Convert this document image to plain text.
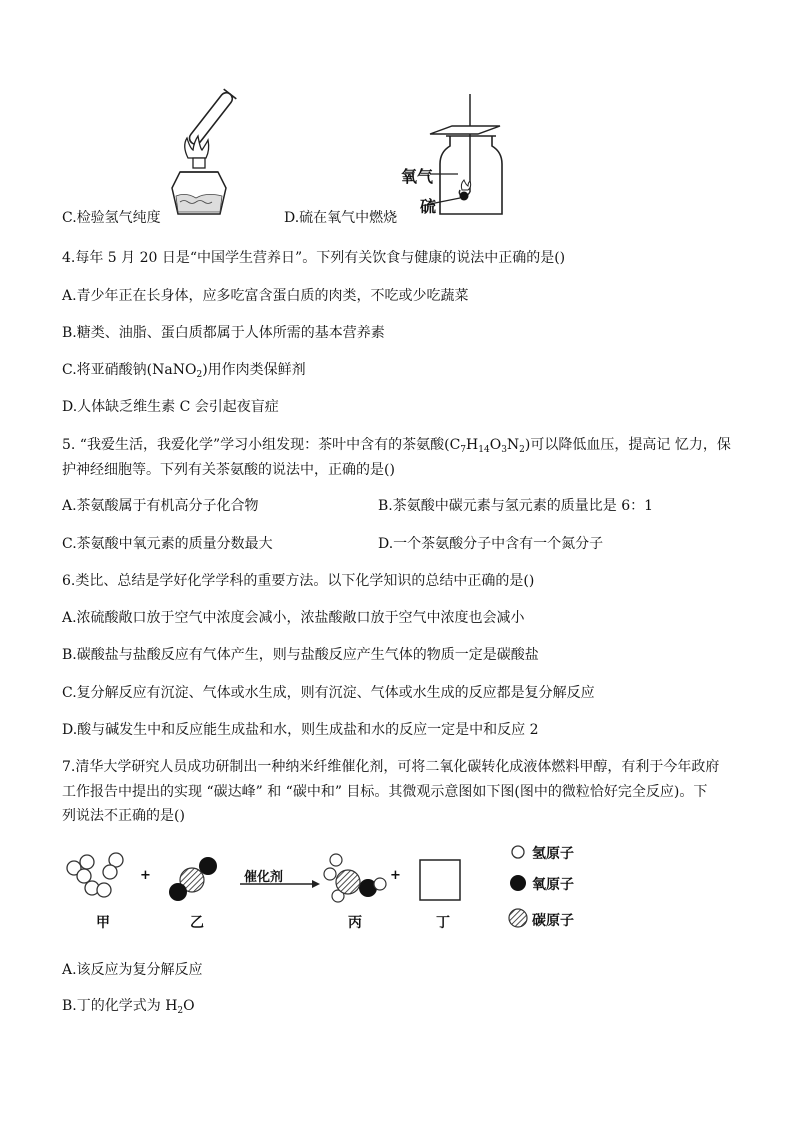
氧气
硫
C.检验氢气纯度	D.硫在氧气中燃烧
4.每年 5 月 20 日是“中国学生营养日”。下列有关饮食与健康的说法中正确的是()
A.青少年正在长身体，应多吃富含蛋白质的肉类，不吃或少吃蔬菜
B.糖类、油脂、蛋白质都属于人体所需的基本营养素
C.将亚硝酸钠(NaNO$_2$)用作肉类保鲜剂
D.人体缺乏维生素 C 会引起夜盲症
5. “我爱生活，我爱化学”学习小组发现：茶叶中含有的茶氨酸$(C_7H_{14}O_3N_2)$可以降低血压，提高记 忆力，保
护神经细胞等。下列有关茶氨酸的说法中，正确的是()
A.茶氨酸属于有机高分子化合物	B.茶氨酸中碳元素与氢元素的质量比是 6：1
C.茶氨酸中氧元素的质量分数最大	D.一个茶氨酸分子中含有一个氮分子
6.类比、总结是学好化学学科的重要方法。以下化学知识的总结中正确的是()
A.浓硫酸敞口放于空气中浓度会减小，浓盐酸敞口放于空气中浓度也会减小
B.碳酸盐与盐酸反应有气体产生，则与盐酸反应产生气体的物质一定是碳酸盐
C.复分解反应有沉淀、气体或水生成，则有沉淀、气体或水生成的反应都是复分解反应
D.酸与碱发生中和反应能生成盐和水，则生成盐和水的反应一定是中和反应 2
7.清华大学研究人员成功研制出一种纳米纤维催化剂，可将二氧化碳转化成液体燃料甲醇，有利于今年政府
工作报告中提出的实现 “碳达峰” 和 “碳中和” 目标。其微观示意图如下图(图中的微粒恰好完全反应)。下
列说法不正确的是()
+	+
催化剂
甲	乙	丙	丁
氢原子
氧原子
碳原子
A.该反应为复分解反应
B.丁的化学式为 $H_2O$
